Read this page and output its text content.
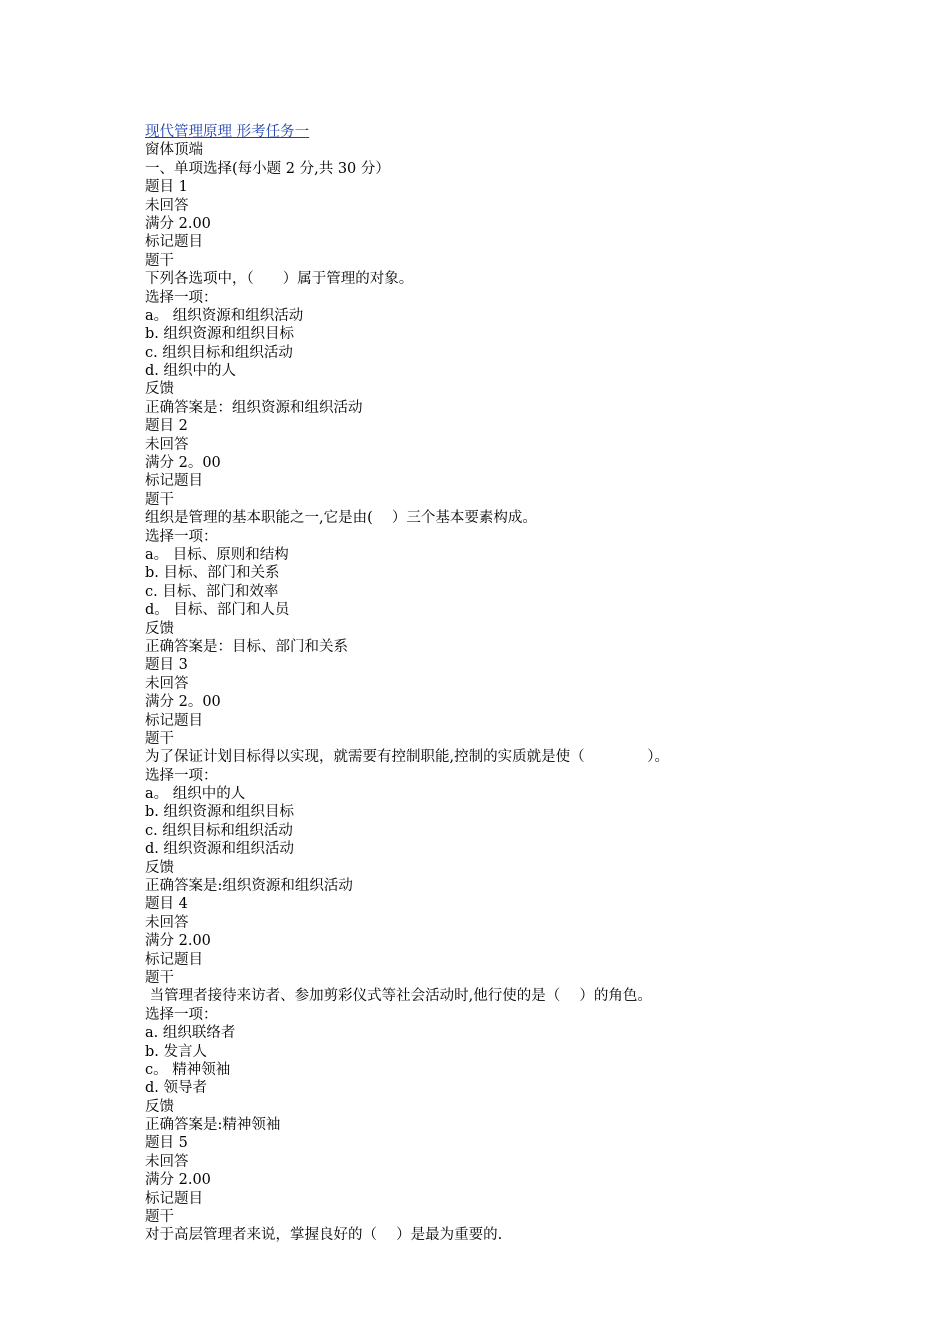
现代管理原理 形考任务一

窗体顶端

一、单项选择(每小题 2 分,共 30 分）

题目 1

未回答

满分 2.00

标记题目

题干

下列各选项中，（　　）属于管理的对象。

选择一项：

a。 组织资源和组织活动

b. 组织资源和组织目标

c. 组织目标和组织活动

d. 组织中的人

反馈

正确答案是：组织资源和组织活动

题目 2

未回答

满分 2。00

标记题目

题干

组织是管理的基本职能之一,它是由(　 ）三个基本要素构成。

选择一项：

a。 目标、原则和结构

b. 目标、部门和关系

c. 目标、部门和效率

d。 目标、部门和人员

反馈

正确答案是：目标、部门和关系

题目 3

未回答

满分 2。00

标记题目

题干

为了保证计划目标得以实现，就需要有控制职能,控制的实质就是使（　　　　 ）。

选择一项：

a。 组织中的人

b. 组织资源和组织目标

c. 组织目标和组织活动

d. 组织资源和组织活动

反馈

正确答案是:组织资源和组织活动

题目 4

未回答

满分 2.00

标记题目

题干

当管理者接待来访者、参加剪彩仪式等社会活动时,他行使的是（　 ）的角色。

选择一项：

a. 组织联络者

b. 发言人

c。 精神领袖

d. 领导者

反馈

正确答案是:精神领袖

题目 5

未回答

满分 2.00

标记题目

题干

对于高层管理者来说，掌握良好的（　 ）是最为重要的.
